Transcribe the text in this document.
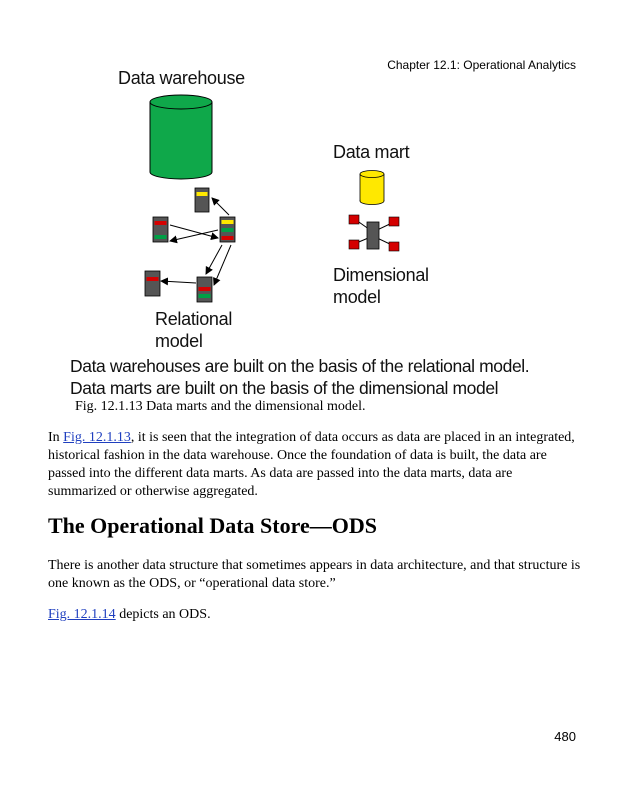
Chapter 12.1: Operational Analytics
Data warehouse
Data mart
Dimensional
model
Relational
model
Data warehouses are built on the basis of the relational model.
Data marts are built on the basis of the dimensional model
Fig. 12.1.13 Data marts and the dimensional model.
In Fig. 12.1.13, it is seen that the integration of data occurs as data are placed in an integrated, historical fashion in the data warehouse. Once the foundation of data is built, the data are passed into the different data marts. As data are passed into the data marts, data are summarized or otherwise aggregated.
The Operational Data Store—ODS
There is another data structure that sometimes appears in data architecture, and that structure is one known as the ODS, or “operational data store.”
Fig. 12.1.14 depicts an ODS.
480
